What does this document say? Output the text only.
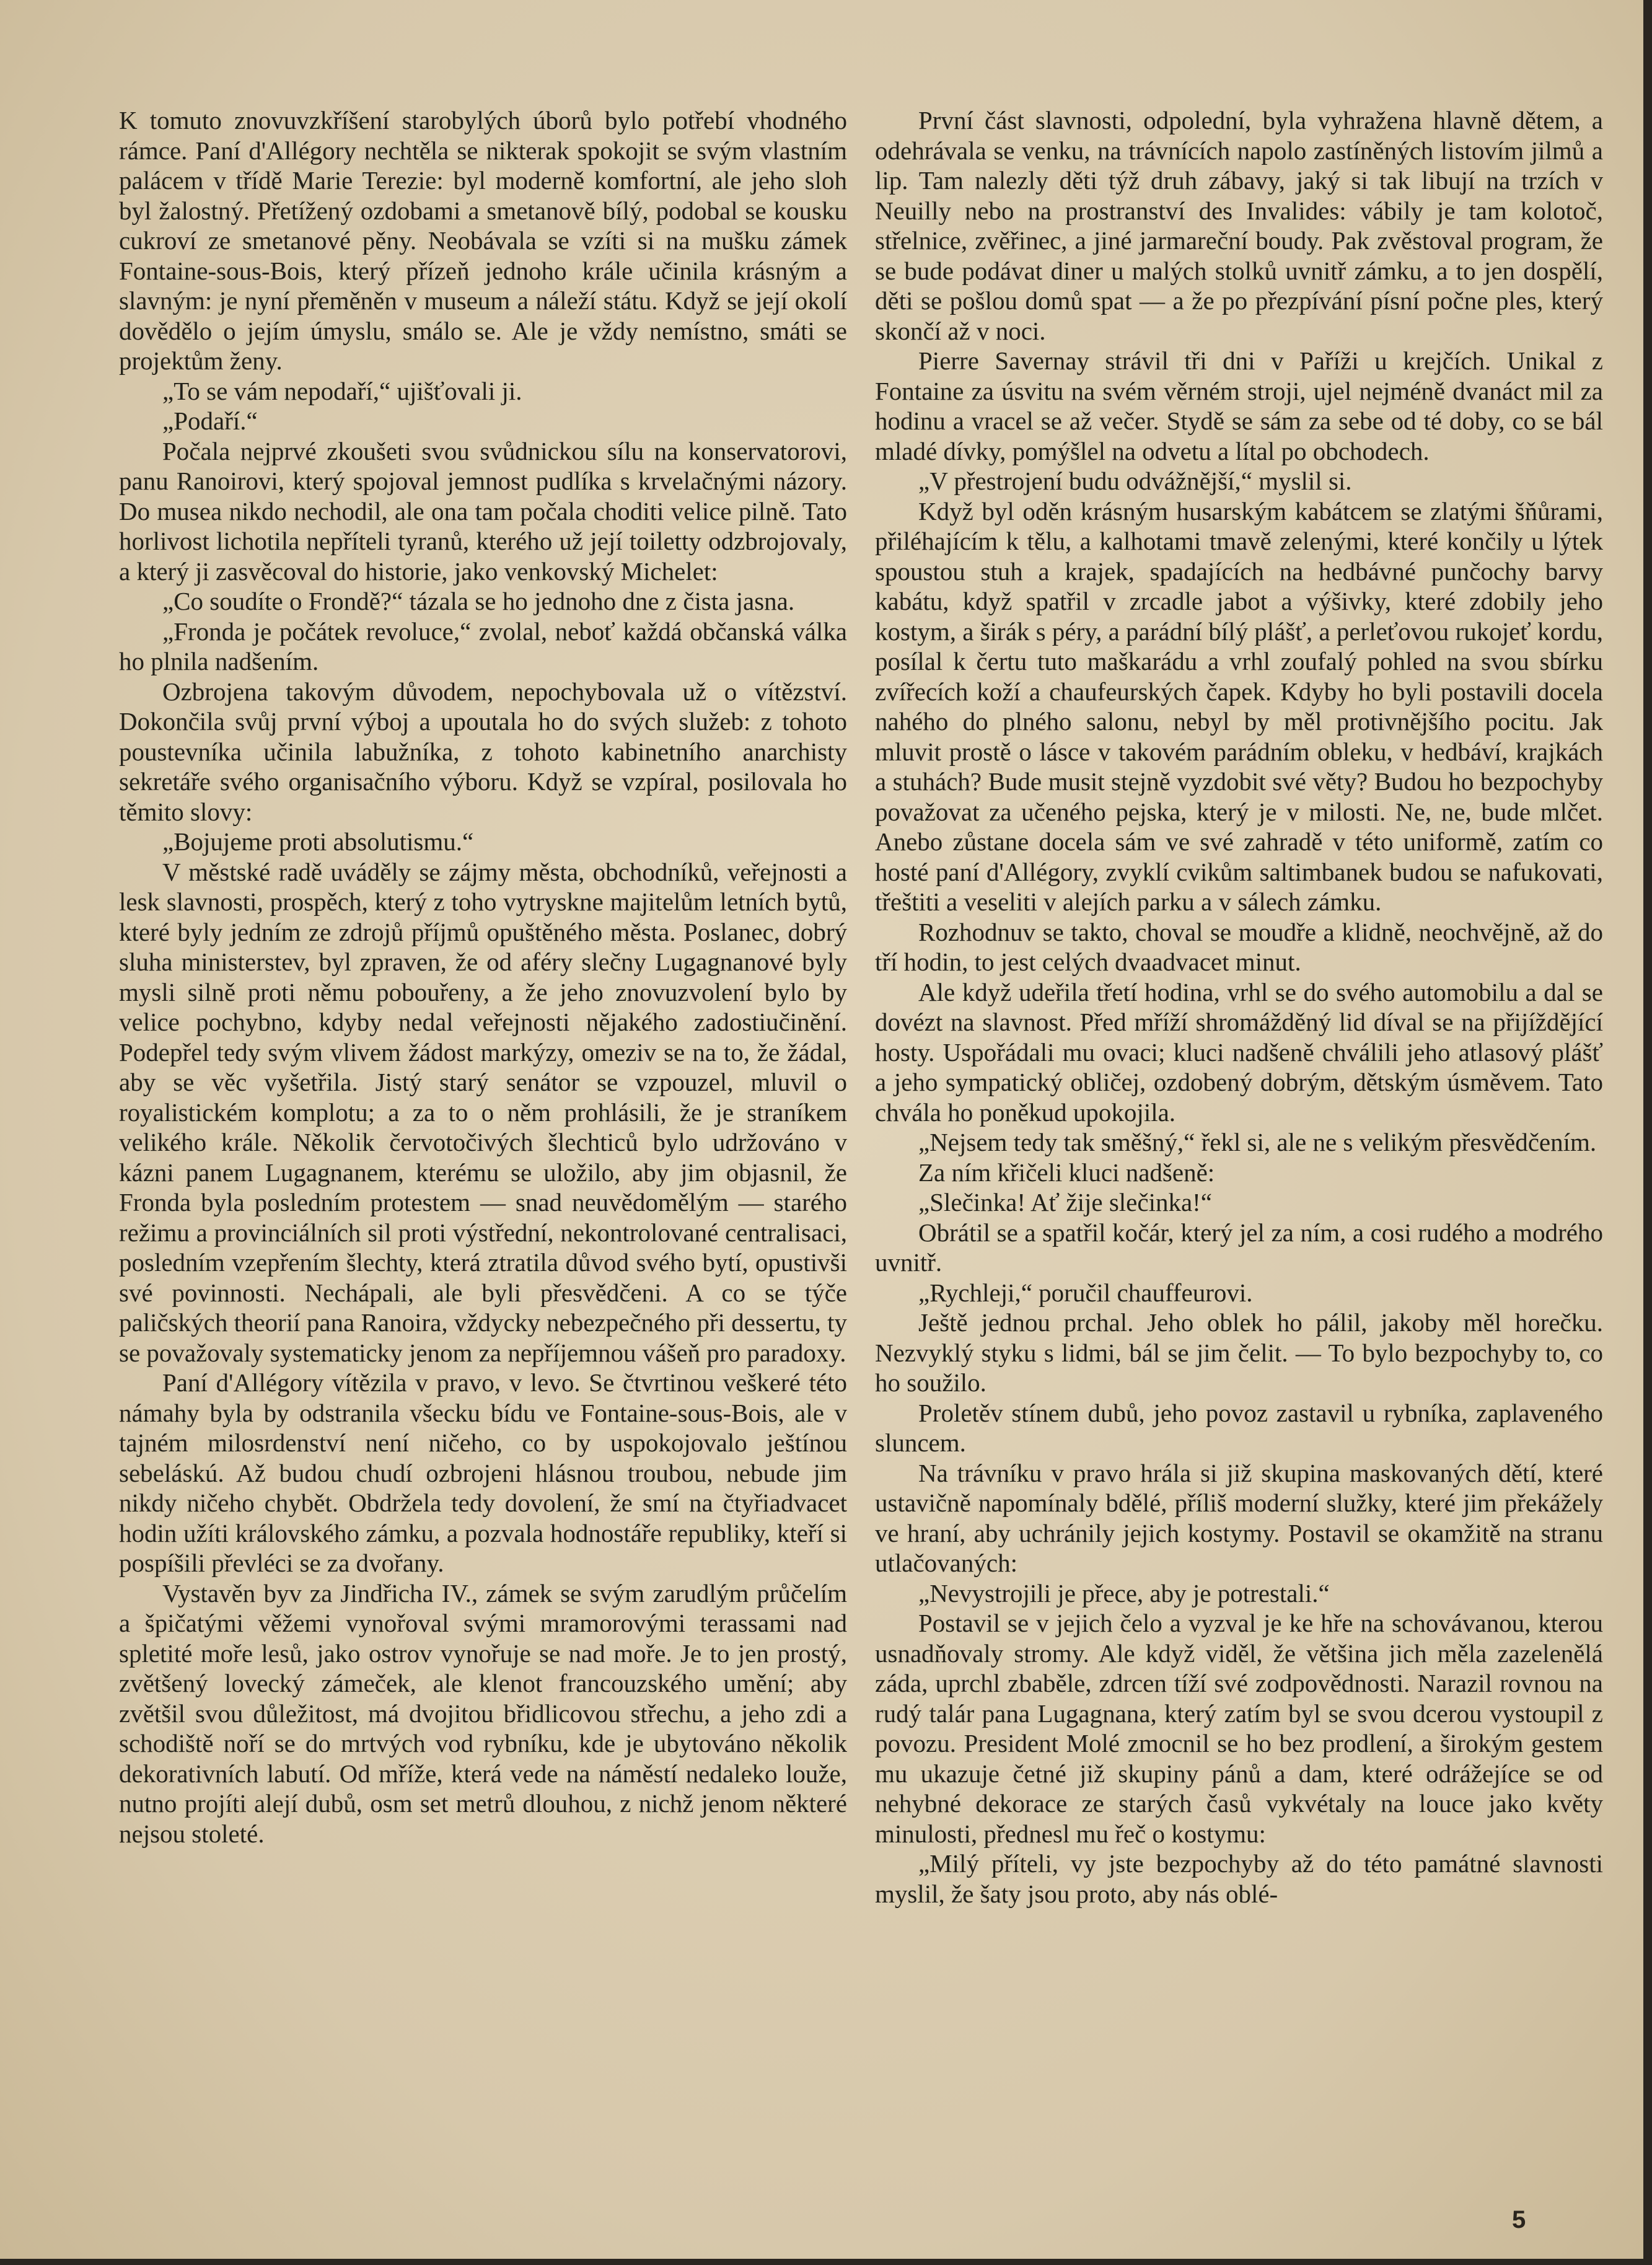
K tomuto znovuvzkříšení starobylých úborů bylo potřebí vhodného rámce. Paní d'Allégory nechtěla se nikterak spokojit se svým vlastním palácem v třídě Marie Terezie: byl moderně komfortní, ale jeho sloh byl žalostný. Přetížený ozdobami a smetanově bílý, podobal se kousku cukroví ze smetanové pěny. Neobávala se vzíti si na mušku zámek Fontaine-sous-Bois, který přízeň jednoho krále učinila krásným a slavným: je nyní přeměněn v museum a náleží státu. Když se její okolí dovědělo o jejím úmyslu, smálo se. Ale je vždy nemístno, smáti se projektům ženy.

„To se vám nepodaří,“ ujišťovali ji.

„Podaří.“

Počala nejprvé zkoušeti svou svůdnickou sílu na konservatorovi, panu Ranoirovi, který spojoval jemnost pudlíka s krvelačnými názory. Do musea nikdo nechodil, ale ona tam počala choditi velice pilně. Tato horlivost lichotila nepříteli tyranů, kterého už její toiletty odzbrojovaly, a který ji zasvěcoval do historie, jako venkovský Michelet:

„Co soudíte o Frondě?“ tázala se ho jednoho dne z čista jasna.

„Fronda je počátek revoluce,“ zvolal, neboť každá občanská válka ho plnila nadšením.

Ozbrojena takovým důvodem, nepochybovala už o vítězství. Dokončila svůj první výboj a upoutala ho do svých služeb: z tohoto poustevníka učinila labužníka, z tohoto kabinetního anarchisty sekretáře svého organisačního výboru. Když se vzpíral, posilovala ho těmito slovy:

„Bojujeme proti absolutismu.“

V městské radě uváděly se zájmy města, obchodníků, veřejnosti a lesk slavnosti, prospěch, který z toho vytryskne majitelům letních bytů, které byly jedním ze zdrojů příjmů opuštěného města. Poslanec, dobrý sluha ministerstev, byl zpraven, že od aféry slečny Lugagnanové byly mysli silně proti němu pobouřeny, a že jeho znovuzvolení bylo by velice pochybno, kdyby nedal veřejnosti nějakého zadostiučinění. Podepřel tedy svým vlivem žádost markýzy, omeziv se na to, že žádal, aby se věc vyšetřila. Jistý starý senátor se vzpouzel, mluvil o royalistickém komplotu; a za to o něm prohlásili, že je straníkem velikého krále. Několik červotočivých šlechticů bylo udržováno v kázni panem Lugagnanem, kterému se uložilo, aby jim objasnil, že Fronda byla posledním protestem — snad neuvědomělým — starého režimu a provinciálních sil proti výstřední, nekontrolované centralisaci, posledním vzepřením šlechty, která ztratila důvod svého bytí, opustivši své povinnosti. Nechápali, ale byli přesvědčeni. A co se týče paličských theorií pana Ranoira, vždycky nebezpečného při dessertu, ty se považovaly systematicky jenom za nepříjemnou vášeň pro paradoxy.

Paní d'Allégory vítězila v pravo, v levo. Se čtvrtinou veškeré této námahy byla by odstranila všecku bídu ve Fontaine-sous-Bois, ale v tajném milosrdenství není ničeho, co by uspokojovalo ještínou sebeláskú. Až budou chudí ozbrojeni hlásnou troubou, nebude jim nikdy ničeho chybět. Obdržela tedy dovolení, že smí na čtyřiadvacet hodin užíti královského zámku, a pozvala hodnostáře republiky, kteří si pospíšili převléci se za dvořany.

Vystavěn byv za Jindřicha IV., zámek se svým zarudlým průčelím a špičatými věžemi vynořoval svými mramorovými terassami nad spletité moře lesů, jako ostrov vynořuje se nad moře. Je to jen prostý, zvětšený lovecký zámeček, ale klenot francouzského umění; aby zvětšil svou důležitost, má dvojitou břidlicovou střechu, a jeho zdi a schodiště noří se do mrtvých vod rybníku, kde je ubytováno několik dekorativních labutí. Od mříže, která vede na náměstí nedaleko louže, nutno projíti alejí dubů, osm set metrů dlouhou, z nichž jenom některé nejsou stoleté.

První část slavnosti, odpolední, byla vyhražena hlavně dětem, a odehrávala se venku, na trávnících napolo zastíněných listovím jilmů a lip. Tam nalezly děti týž druh zábavy, jaký si tak libují na trzích v Neuilly nebo na prostranství des Invalides: vábily je tam kolotoč, střelnice, zvěřinec, a jiné jarmareční boudy. Pak zvěstoval program, že se bude podávat diner u malých stolků uvnitř zámku, a to jen dospělí, děti se pošlou domů spat — a že po přezpívání písní počne ples, který skončí až v noci.

Pierre Savernay strávil tři dni v Paříži u krejčích. Unikal z Fontaine za úsvitu na svém věrném stroji, ujel nejméně dvanáct mil za hodinu a vracel se až večer. Stydě se sám za sebe od té doby, co se bál mladé dívky, pomýšlel na odvetu a lítal po obchodech.

„V přestrojení budu odvážnější,“ myslil si.

Když byl oděn krásným husarským kabátcem se zlatými šňůrami, přiléhajícím k tělu, a kalhotami tmavě zelenými, které končily u lýtek spoustou stuh a krajek, spadajících na hedbávné punčochy barvy kabátu, když spatřil v zrcadle jabot a výšivky, které zdobily jeho kostym, a širák s péry, a parádní bílý plášť, a perleťovou rukojeť kordu, posílal k čertu tuto maškarádu a vrhl zoufalý pohled na svou sbírku zvířecích koží a chaufeurských čapek. Kdyby ho byli postavili docela nahého do plného salonu, nebyl by měl protivnějšího pocitu. Jak mluvit prostě o lásce v takovém parádním obleku, v hedbáví, krajkách a stuhách? Bude musit stejně vyzdobit své věty? Budou ho bezpochyby považovat za učeného pejska, který je v milosti. Ne, ne, bude mlčet. Anebo zůstane docela sám ve své zahradě v této uniformě, zatím co hosté paní d'Allégory, zvyklí cvikům saltimbanek budou se nafukovati, třeštiti a veseliti v alejích parku a v sálech zámku.

Rozhodnuv se takto, choval se moudře a klidně, neochvějně, až do tří hodin, to jest celých dvaadvacet minut.

Ale když udeřila třetí hodina, vrhl se do svého automobilu a dal se dovézt na slavnost. Před mříží shromážděný lid díval se na přijíždějící hosty. Uspořádali mu ovaci; kluci nadšeně chválili jeho atlasový plášť a jeho sympatický obličej, ozdobený dobrým, dětským úsměvem. Tato chvála ho poněkud upokojila.

„Nejsem tedy tak směšný,“ řekl si, ale ne s velikým přesvědčením.

Za ním křičeli kluci nadšeně:

„Slečinka! Ať žije slečinka!“

Obrátil se a spatřil kočár, který jel za ním, a cosi rudého a modrého uvnitř.

„Rychleji,“ poručil chauffeurovi.

Ještě jednou prchal. Jeho oblek ho pálil, jakoby měl horečku. Nezvyklý styku s lidmi, bál se jim čelit. — To bylo bezpochyby to, co ho soužilo.

Proletěv stínem dubů, jeho povoz zastavil u rybníka, zaplaveného sluncem.

Na trávníku v pravo hrála si již skupina maskovaných dětí, které ustavičně napomínaly bdělé, příliš moderní služky, které jim překážely ve hraní, aby uchránily jejich kostymy. Postavil se okamžitě na stranu utlačovaných:

„Nevystrojili je přece, aby je potrestali.“

Postavil se v jejich čelo a vyzval je ke hře na schovávanou, kterou usnadňovaly stromy. Ale když viděl, že většina jich měla zazelenělá záda, uprchl zbaběle, zdrcen tíží své zodpovědnosti. Narazil rovnou na rudý talár pana Lugagnana, který zatím byl se svou dcerou vystoupil z povozu. President Molé zmocnil se ho bez prodlení, a širokým gestem mu ukazuje četné již skupiny pánů a dam, které odrážejíce se od nehybné dekorace ze starých časů vykvétaly na louce jako květy minulosti, přednesl mu řeč o kostymu:

„Milý příteli, vy jste bezpochyby až do této památné slavnosti myslil, že šaty jsou proto, aby nás oblé-

5
